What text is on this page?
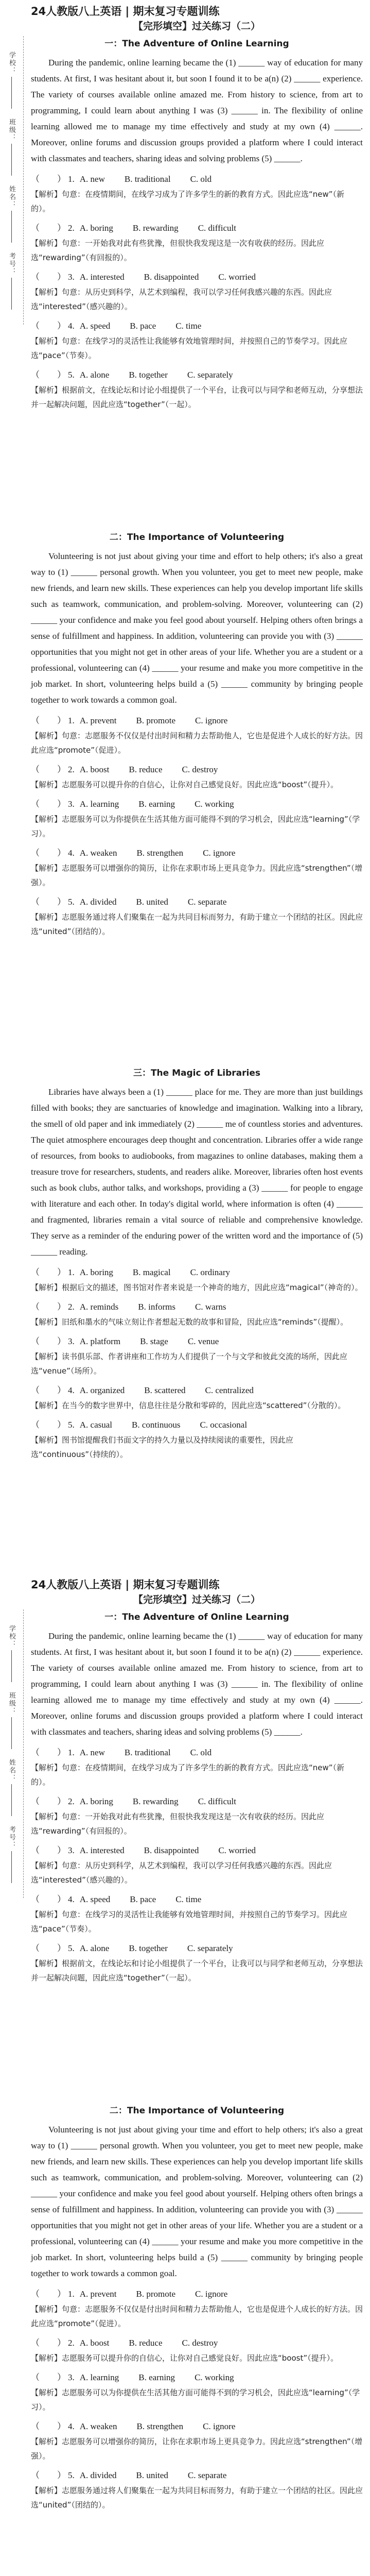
学校：
班级：
姓名：
考号：
24人教版八上英语 | 期末复习专题训练
【完形填空】过关练习（二）
一：The Adventure of Online Learning

During the pandemic, online learning became the (1) ______ way of education for many students. At first, I was hesitant about it, but soon I found it to be a(n) (2) ______ experience. The variety of courses available online amazed me. From history to science, from art to programming, I could learn about anything I was (3) ______ in. The flexibility of online learning allowed me to manage my time effectively and study at my own (4) ______. Moreover, online forums and discussion groups provided a platform where I could interact with classmates and teachers, sharing ideas and solving problems (5) ______.

（　　） 1. A. new B. traditional C. old
【解析】句意：在疫情期间，在线学习成为了许多学生的新的教育方式。因此应选“new”（新的）。
（　　） 2. A. boring B. rewarding C. difficult
【解析】句意：一开始我对此有些犹豫，但很快我发现这是一次有收获的经历。因此应选“rewarding”（有回报的）。
（　　） 3. A. interested B. disappointed C. worried
【解析】句意：从历史到科学，从艺术到编程，我可以学习任何我感兴趣的东西。因此应选“interested”（感兴趣的）。
（　　） 4. A. speed B. pace C. time
【解析】句意：在线学习的灵活性让我能够有效地管理时间，并按照自己的节奏学习。因此应选“pace”（节奏）。
（　　） 5. A. alone B. together C. separately
【解析】根据前文，在线论坛和讨论小组提供了一个平台，让我可以与同学和老师互动，分享想法并一起解决问题，因此应选“together”（一起）。
二：The Importance of Volunteering

Volunteering is not just about giving your time and effort to help others; it's also a great way to (1) ______ personal growth. When you volunteer, you get to meet new people, make new friends, and learn new skills. These experiences can help you develop important life skills such as teamwork, communication, and problem-solving. Moreover, volunteering can (2) ______ your confidence and make you feel good about yourself. Helping others often brings a sense of fulfillment and happiness. In addition, volunteering can provide you with (3) ______ opportunities that you might not get in other areas of your life. Whether you are a student or a professional, volunteering can (4) ______ your resume and make you more competitive in the job market. In short, volunteering helps build a (5) ______ community by bringing people together to work towards a common goal.

（　　） 1. A. prevent B. promote C. ignore
【解析】句意：志愿服务不仅仅是付出时间和精力去帮助他人，它也是促进个人成长的好方法。因此应选“promote”（促进）。
（　　） 2. A. boost B. reduce C. destroy
【解析】志愿服务可以提升你的自信心，让你对自己感觉良好。因此应选“boost”（提升）。
（　　） 3. A. learning B. earning C. working
【解析】志愿服务可以为你提供在生活其他方面可能得不到的学习机会，因此应选“learning”（学习）。
（　　） 4. A. weaken B. strengthen C. ignore
【解析】志愿服务可以增强你的简历，让你在求职市场上更具竞争力。因此应选“strengthen”（增强）。
（　　） 5. A. divided B. united C. separate
【解析】志愿服务通过将人们聚集在一起为共同目标而努力，有助于建立一个团结的社区。因此应选“united”（团结的）。
三：The Magic of Libraries

Libraries have always been a (1) ______ place for me. They are more than just buildings filled with books; they are sanctuaries of knowledge and imagination. Walking into a library, the smell of old paper and ink immediately (2) ______ me of countless stories and adventures. The quiet atmosphere encourages deep thought and concentration. Libraries offer a wide range of resources, from books to audiobooks, from magazines to online databases, making them a treasure trove for researchers, students, and readers alike. Moreover, libraries often host events such as book clubs, author talks, and workshops, providing a (3) ______ for people to engage with literature and each other. In today's digital world, where information is often (4) ______ and fragmented, libraries remain a vital source of reliable and comprehensive knowledge. They serve as a reminder of the enduring power of the written word and the importance of (5) ______ reading.

（　　） 1. A. boring B. magical C. ordinary
【解析】根据后文的描述，图书馆对作者来说是一个神奇的地方，因此应选“magical”（神奇的）。
（　　） 2. A. reminds B. informs C. warns
【解析】旧纸和墨水的气味立刻让作者想起无数的故事和冒险，因此应选“reminds”（提醒）。
（　　） 3. A. platform B. stage C. venue
【解析】读书俱乐部、作者讲座和工作坊为人们提供了一个与文学和彼此交流的场所，因此应选“venue”（场所）。
（　　） 4. A. organized B. scattered C. centralized
【解析】在当今的数字世界中，信息往往是分散和零碎的，因此应选“scattered”（分散的）。
（　　） 5. A. casual B. continuous C. occasional
【解析】图书馆提醒我们书面文字的持久力量以及持续阅读的重要性，因此应选“continuous”（持续的）。
学校：
班级：
姓名：
考号：
24人教版八上英语 | 期末复习专题训练
【完形填空】过关练习（二）
一：The Adventure of Online Learning

During the pandemic, online learning became the (1) ______ way of education for many students. At first, I was hesitant about it, but soon I found it to be a(n) (2) ______ experience. The variety of courses available online amazed me. From history to science, from art to programming, I could learn about anything I was (3) ______ in. The flexibility of online learning allowed me to manage my time effectively and study at my own (4) ______. Moreover, online forums and discussion groups provided a platform where I could interact with classmates and teachers, sharing ideas and solving problems (5) ______.

（　　） 1. A. new B. traditional C. old
【解析】句意：在疫情期间，在线学习成为了许多学生的新的教育方式。因此应选“new”（新的）。
（　　） 2. A. boring B. rewarding C. difficult
【解析】句意：一开始我对此有些犹豫，但很快我发现这是一次有收获的经历。因此应选“rewarding”（有回报的）。
（　　） 3. A. interested B. disappointed C. worried
【解析】句意：从历史到科学，从艺术到编程，我可以学习任何我感兴趣的东西。因此应选“interested”（感兴趣的）。
（　　） 4. A. speed B. pace C. time
【解析】句意：在线学习的灵活性让我能够有效地管理时间，并按照自己的节奏学习。因此应选“pace”（节奏）。
（　　） 5. A. alone B. together C. separately
【解析】根据前文，在线论坛和讨论小组提供了一个平台，让我可以与同学和老师互动，分享想法并一起解决问题，因此应选“together”（一起）。
二：The Importance of Volunteering

Volunteering is not just about giving your time and effort to help others; it's also a great way to (1) ______ personal growth. When you volunteer, you get to meet new people, make new friends, and learn new skills. These experiences can help you develop important life skills such as teamwork, communication, and problem-solving. Moreover, volunteering can (2) ______ your confidence and make you feel good about yourself. Helping others often brings a sense of fulfillment and happiness. In addition, volunteering can provide you with (3) ______ opportunities that you might not get in other areas of your life. Whether you are a student or a professional, volunteering can (4) ______ your resume and make you more competitive in the job market. In short, volunteering helps build a (5) ______ community by bringing people together to work towards a common goal.

（　　） 1. A. prevent B. promote C. ignore
【解析】句意：志愿服务不仅仅是付出时间和精力去帮助他人，它也是促进个人成长的好方法。因此应选“promote”（促进）。
（　　） 2. A. boost B. reduce C. destroy
【解析】志愿服务可以提升你的自信心，让你对自己感觉良好。因此应选“boost”（提升）。
（　　） 3. A. learning B. earning C. working
【解析】志愿服务可以为你提供在生活其他方面可能得不到的学习机会，因此应选“learning”（学习）。
（　　） 4. A. weaken B. strengthen C. ignore
【解析】志愿服务可以增强你的简历，让你在求职市场上更具竞争力。因此应选“strengthen”（增强）。
（　　） 5. A. divided B. united C. separate
【解析】志愿服务通过将人们聚集在一起为共同目标而努力，有助于建立一个团结的社区。因此应选“united”（团结的）。
